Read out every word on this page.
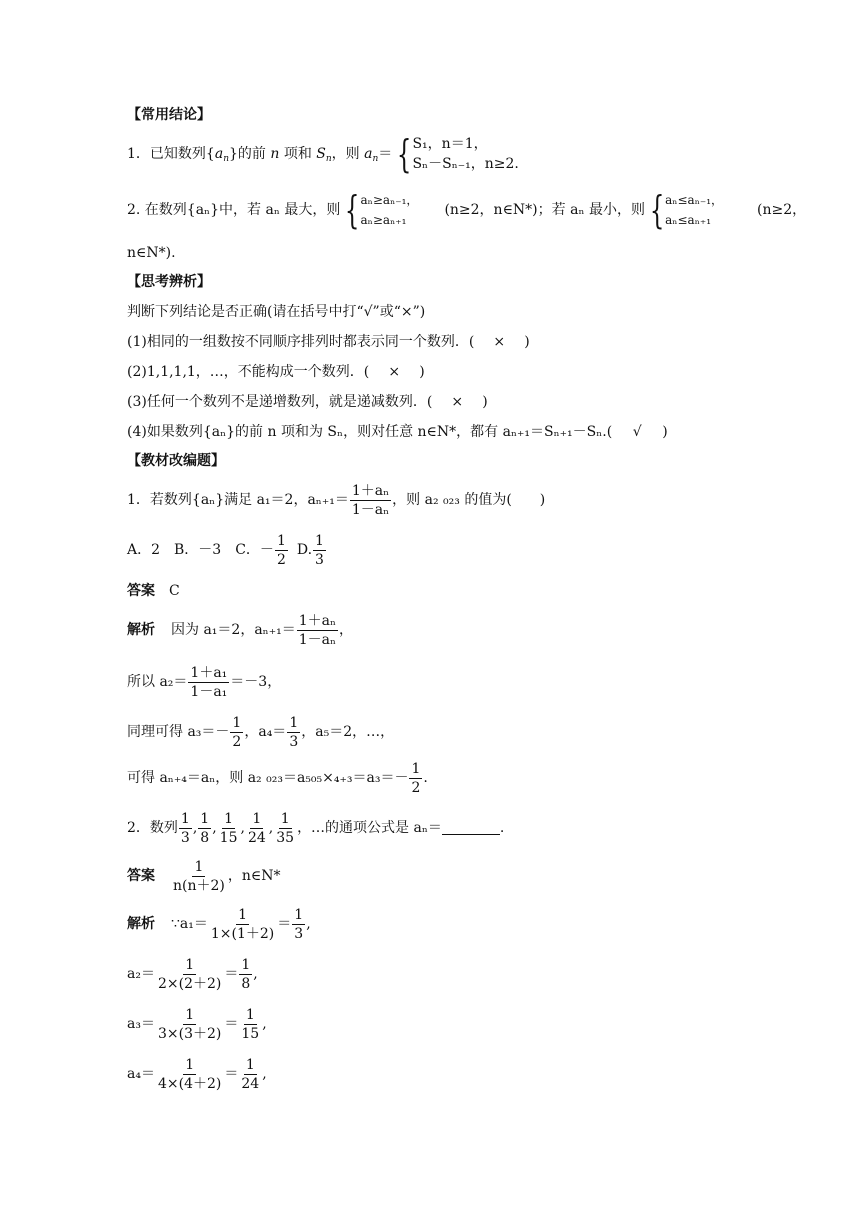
【常用结论】
1．已知数列$\{a_n\}$的前 n 项和 $S_n$，则 $a_n=$ { S₁，n＝1，
Sₙ－Sₙ₋₁，n≥2.
2. 在数列{aₙ}中，若 aₙ 最大，则 { aₙ≥aₙ₋₁，
aₙ≥aₙ₊₁
(n≥2，n∈N*)；若 aₙ 最小，则 { aₙ≤aₙ₋₁，
aₙ≤aₙ₊₁
(n≥2，
n∈N*).
【思考辨析】
判断下列结论是否正确(请在括号中打“√”或“×”)
(1)相同的一组数按不同顺序排列时都表示同一个数列．( × )
(2)1,1,1,1，…，不能构成一个数列．( × )
(3)任何一个数列不是递增数列，就是递减数列．( × )
(4)如果数列{aₙ}的前 n 项和为 Sₙ，则对任意 n∈N*，都有 aₙ₊₁＝Sₙ₊₁－Sₙ.( √ )
【教材改编题】
1．若数列{aₙ}满足 a₁＝2，$a_{n+1}= \frac{\text{1＋aₙ}}{\text{1－aₙ}}$ ，则 a₂ ₀₂₃ 的值为(　　)
A．2　B．－3　C．－
1
2
D.
1
3
答案　 C
解析 因为 a₁＝2，$a_{n+1}= \frac{\text{1＋aₙ}}{\text{1－aₙ}}$ ，
所以 $a_2= \frac{\text{1＋a₁}}{\text{1－a₁}} =-3$，
同理可得 a₃＝－
1
2
，a₄＝
1
3
，a₅＝2，…，
可得 aₙ₊₄＝aₙ，则 a₂ ₀₂₃＝a₅₀₅×₄₊₃＝a₃＝－
1
2
.
2．数列
1
3
,
1
8
,
1
15
,
1
24
,
1
35
，…的通项公式是 aₙ＝	.
答案 $\frac{1}{n(n+2)}$ ，n∈N*
解析 ∵a₁＝ $\frac{1}{1\times(1+2)}$ ＝
1
3
,
$a_2= \frac{1}{2\times(2+2)}$ ＝
1
8
,
$a_3= \frac{1}{3\times(3+2)}$ ＝
1
15
,
$a_4= \frac{1}{4\times(4+2)}$ ＝
1
24
,
